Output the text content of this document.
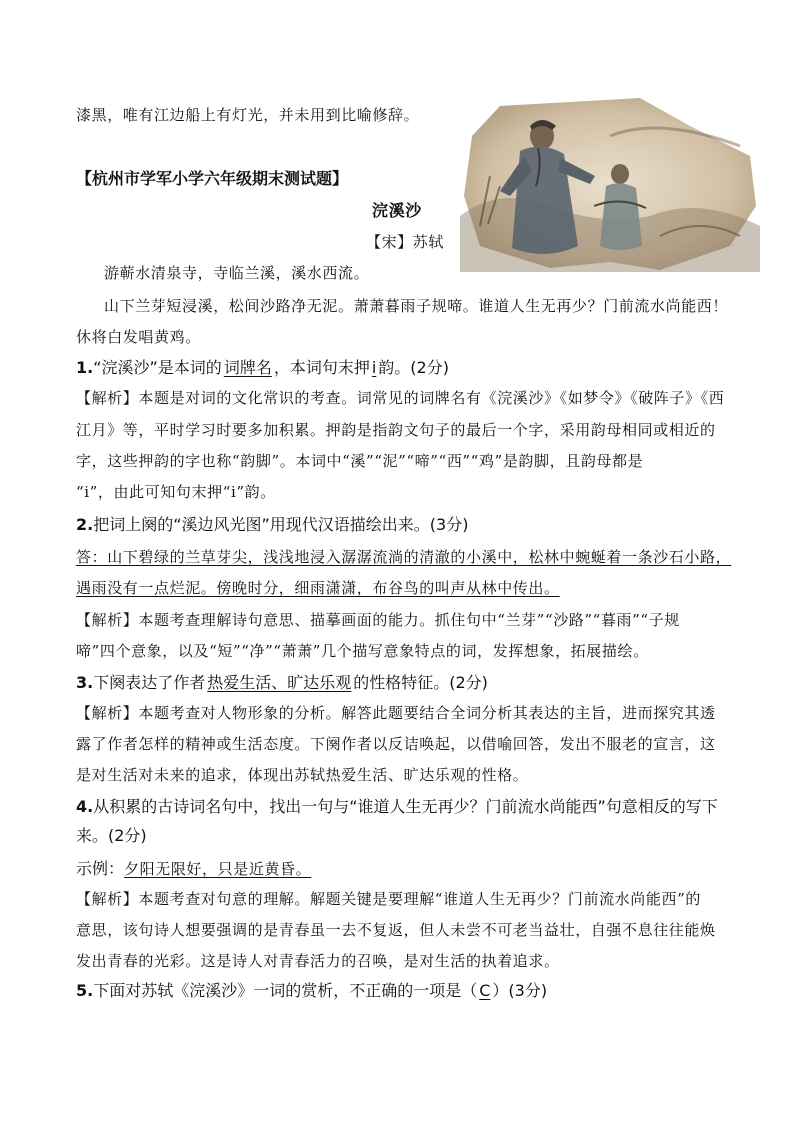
漆黑，唯有江边船上有灯光，并未用到比喻修辞。
【杭州市学军小学六年级期末测试题】
浣溪沙
【宋】苏轼
游蕲水清泉寺，寺临兰溪，溪水西流。
山下兰芽短浸溪，松间沙路净无泥。萧萧暮雨子规啼。谁道人生无再少？门前流水尚能西！
休将白发唱黄鸡。
1.“浣溪沙”是本词的 词牌名 ，本词句末押 i 韵。(2分)
【解析】本题是对词的文化常识的考查。词常见的词牌名有《浣溪沙》《如梦令》《破阵子》《西
江月》等，平时学习时要多加积累。押韵是指韵文句子的最后一个字，采用韵母相同或相近的
字，这些押韵的字也称“韵脚”。本词中“溪”“泥”“啼”“西”“鸡”是韵脚，且韵母都是
“i”，由此可知句末押“i”韵。
2.把词上阕的“溪边风光图”用现代汉语描绘出来。(3分)
答：山下碧绿的兰草芽尖，浅浅地浸入潺潺流淌的清澈的小溪中，松林中蜿蜒着一条沙石小路，
遇雨没有一点烂泥。傍晚时分，细雨潇潇，布谷鸟的叫声从林中传出。
【解析】本题考查理解诗句意思、描摹画面的能力。抓住句中“兰芽”“沙路”“暮雨”“子规
啼”四个意象，以及“短”“净”“萧萧”几个描写意象特点的词，发挥想象，拓展描绘。
3.下阕表达了作者 热爱生活、旷达乐观 的性格特征。(2分)
【解析】本题考查对人物形象的分析。解答此题要结合全词分析其表达的主旨，进而探究其透
露了作者怎样的精神或生活态度。下阕作者以反诘唤起，以借喻回答，发出不服老的宣言，这
是对生活对未来的追求，体现出苏轼热爱生活、旷达乐观的性格。
4.从积累的古诗词名句中，找出一句与“谁道人生无再少？门前流水尚能西”句意相反的写下
来。(2分)
示例：夕阳无限好，只是近黄昏。
【解析】本题考查对句意的理解。解题关键是要理解“谁道人生无再少？门前流水尚能西”的
意思，该句诗人想要强调的是青春虽一去不复返，但人未尝不可老当益壮，自强不息往往能焕
发出青春的光彩。这是诗人对青春活力的召唤，是对生活的执着追求。
5.下面对苏轼《浣溪沙》一词的赏析，不正确的一项是（ C ）(3分)
